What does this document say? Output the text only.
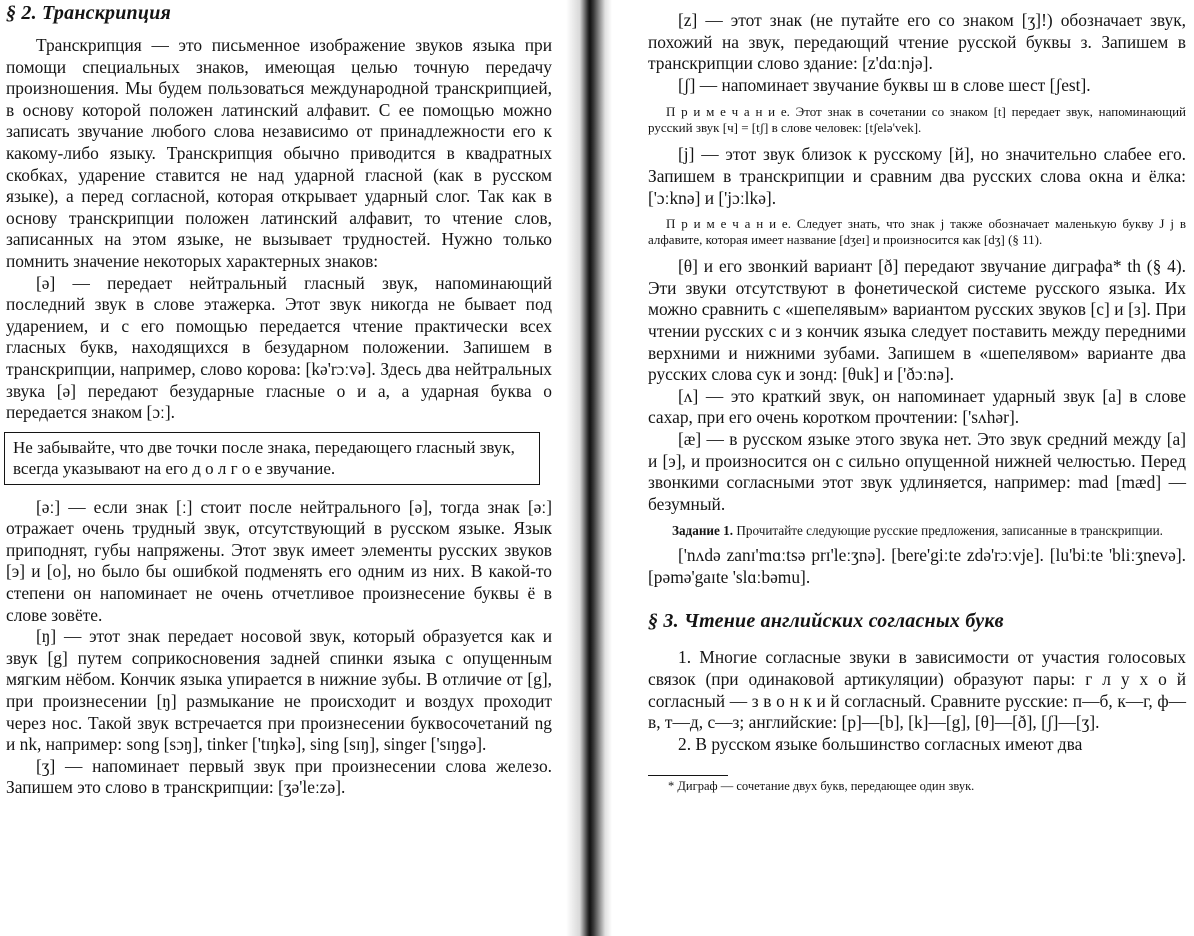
§ 2. Транскрипция

Транскрипция — это письменное изображение звуков языка при помощи специальных знаков, имеющая целью точную передачу произношения. Мы будем пользоваться международной транскрипцией, в основу которой положен латинский алфавит. С ее помощью можно записать звучание любого слова независимо от принадлежности его к какому-либо языку. Транскрипция обычно приводится в квадратных скобках, ударение ставится не над ударной гласной (как в русском языке), а перед согласной, которая открывает ударный слог. Так как в основу транскрипции положен латинский алфавит, то чтение слов, записанных на этом языке, не вызывает трудностей. Нужно только помнить значение некоторых характерных знаков:

[ə] — передает нейтральный гласный звук, напоминающий последний звук в слове этажерка. Этот звук никогда не бывает под ударением, и с его помощью передается чтение практически всех гласных букв, находящихся в безударном положении. Запишем в транскрипции, например, слово корова: [kə'rɔːvə]. Здесь два нейтральных звука [ə] передают безударные гласные о и а, а ударная буква о передается знаком [ɔː].

Не забывайте, что две точки после знака, передающего гласный звук, всегда указывают на его д о л г о е звучание.

[əː] — если знак [ː] стоит после нейтрального [ə], тогда знак [əː] отражает очень трудный звук, отсутствующий в русском языке. Язык приподнят, губы напряжены. Этот звук имеет элементы русских звуков [э] и [о], но было бы ошибкой подменять его одним из них. В какой-то степени он напоминает не очень отчетливое произнесение буквы ё в слове зовёте.

[ŋ] — этот знак передает носовой звук, который образуется как и звук [g] путем соприкосновения задней спинки языка с опущенным мягким нёбом. Кончик языка упирается в нижние зубы. В отличие от [g], при произнесении [ŋ] размыкание не происходит и воздух проходит через нос. Такой звук встречается при произнесении буквосочетаний ng и nk, например: song [sɔŋ], tinker ['tɪŋkə], sing [sɪŋ], singer ['sɪŋgə].

[ʒ] — напоминает первый звук при произнесении слова железо. Запишем это слово в транскрипции: [ʒə'leːzə].

[z] — этот знак (не путайте его со знаком [ʒ]!) обозначает звук, похожий на звук, передающий чтение русской буквы з. Запишем в транскрипции слово здание: [z'dɑːnjə].

[ʃ] — напоминает звучание буквы ш в слове шест [ʃest].

П р и м е ч а н и е. Этот знак в сочетании со знаком [t] передает звук, напоминающий русский звук [ч] = [tʃ] в слове человек: [tʃelə'vek].

[j] — этот звук близок к русскому [й], но значительно слабее его. Запишем в транскрипции и сравним два русских слова окна и ёлка: ['ɔːknə] и ['jɔːlkə].

П р и м е ч а н и е. Следует знать, что знак j также обозначает маленькую букву J j в алфавите, которая имеет название [dʒeɪ] и произносится как [dʒ] (§ 11).

[θ] и его звонкий вариант [ð] передают звучание диграфа* th (§ 4). Эти звуки отсутствуют в фонетической системе русского языка. Их можно сравнить с «шепелявым» вариантом русских звуков [с] и [з]. При чтении русских с и з кончик языка следует поставить между передними верхними и нижними зубами. Запишем в «шепелявом» варианте два русских слова сук и зонд: [θuk] и ['ðɔːnə].

[ʌ] — это краткий звук, он напоминает ударный звук [а] в слове сахар, при его очень коротком прочтении: ['sʌhər].

[æ] — в русском языке этого звука нет. Это звук средний между [а] и [э], и произносится он с сильно опущенной нижней челюстью. Перед звонкими согласными этот звук удлиняется, например: mad [mæd] — безумный.

Задание 1. Прочитайте следующие русские предложения, записанные в транскрипции.

['nʌdə zanɪ'mɑːtsə prɪ'leːʒnə]. [bere'giːte zdə'rɔːvje]. [lu'biːte 'bliːʒnevə]. [pəmə'gaɪte 'slɑːbəmu].

§ 3. Чтение английских согласных букв

1. Многие согласные звуки в зависимости от участия голосовых связок (при одинаковой артикуляции) образуют пары: г л у х о й согласный — з в о н к и й согласный. Сравните русские: п—б, к—г, ф—в, т—д, с—з; английские: [p]—[b], [k]—[g], [θ]—[ð], [ʃ]—[ʒ].

2. В русском языке большинство согласных имеют два

* Диграф — сочетание двух букв, передающее один звук.
